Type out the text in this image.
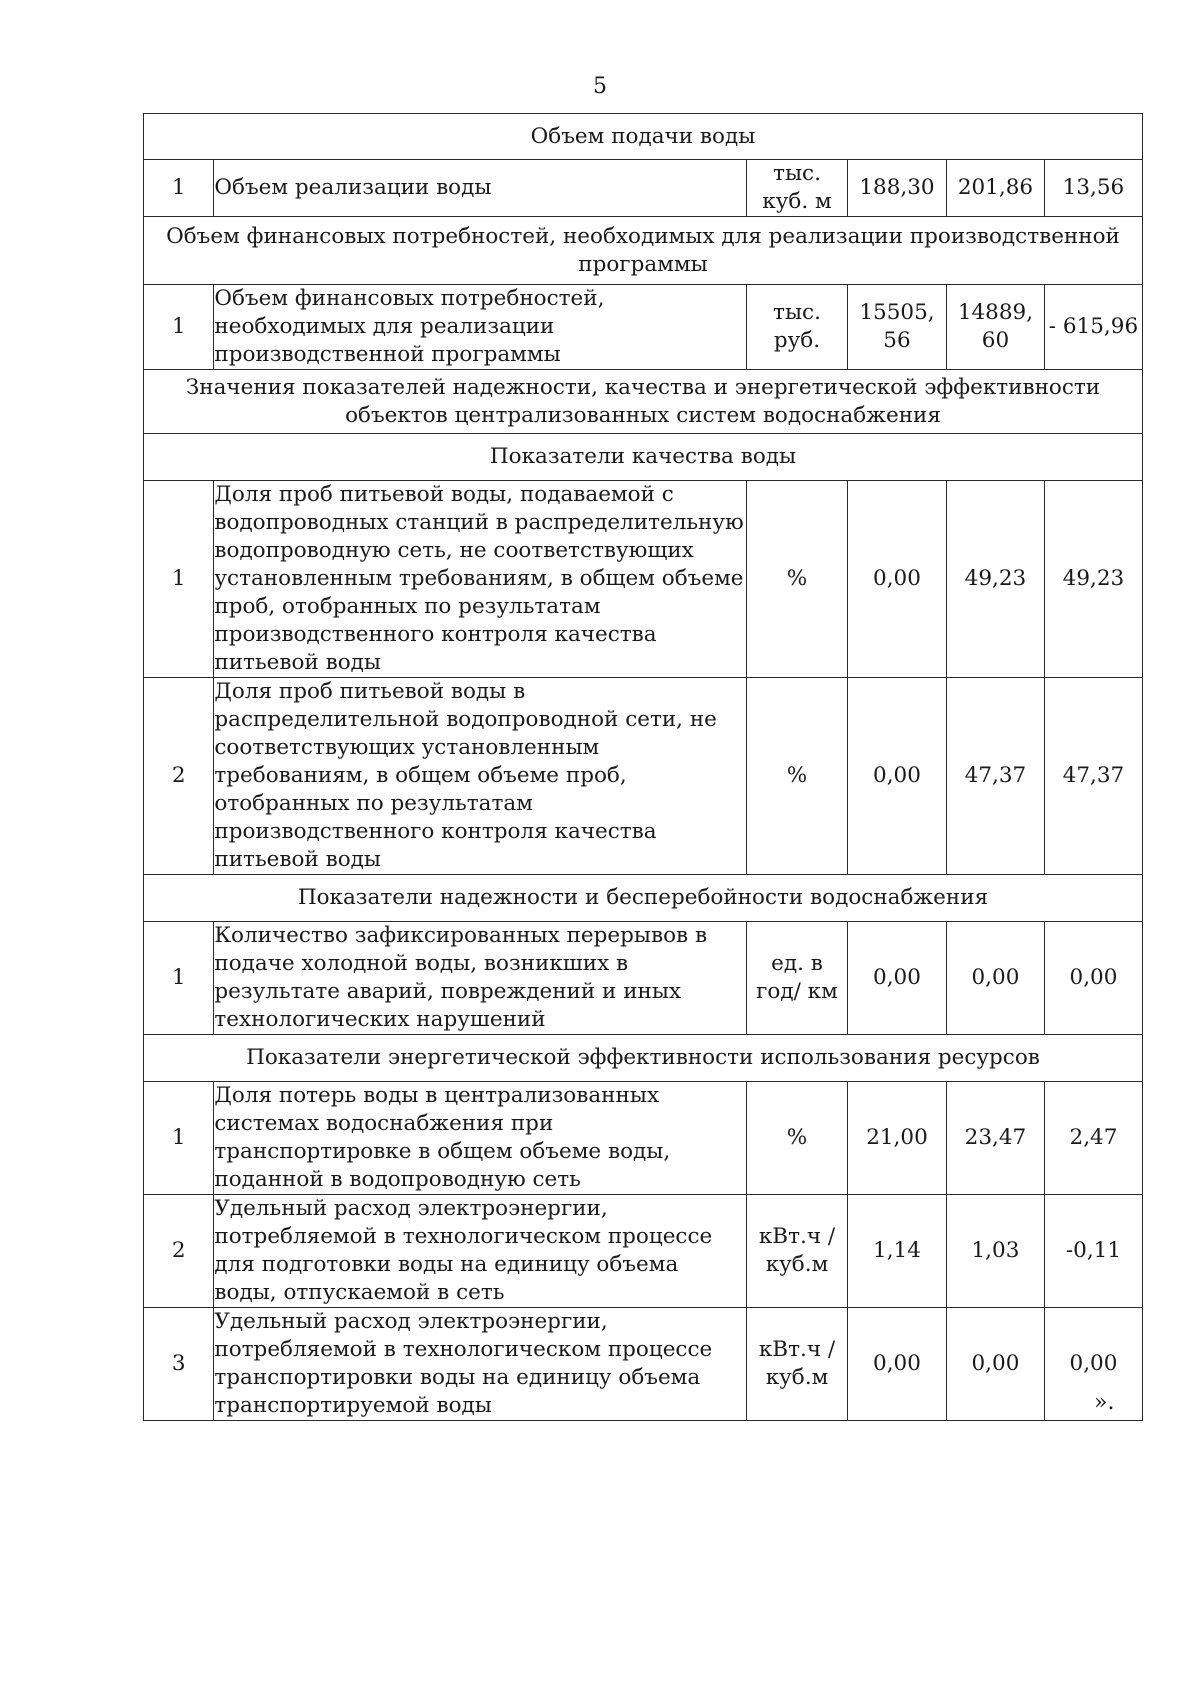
5
Объем подачи воды					
1	Объем реализации воды	тыс. куб. м	188,30	201,86	13,56
Объем финансовых потребностей, необходимых для реализации производственной программы					
1	Объем финансовых потребностей, необходимых для реализации производственной программы	тыс. руб.	15505, 56	14889, 60	- 615,96
Значения показателей надежности, качества и энергетической эффективности объектов централизованных систем водоснабжения					
Показатели качества воды					
1	Доля проб питьевой воды, подаваемой с водопроводных станций в распределительную водопроводную сеть, не соответствующих установленным требованиям, в общем объеме проб, отобранных по результатам производственного контроля качества питьевой воды	%	0,00	49,23	49,23
2	Доля проб питьевой воды в распределительной водопроводной сети, не соответствующих установленным требованиям, в общем объеме проб, отобранных по результатам производственного контроля качества питьевой воды	%	0,00	47,37	47,37
Показатели надежности и бесперебойности водоснабжения					
1	Количество зафиксированных перерывов в подаче холодной воды, возникших в результате аварий, повреждений и иных технологических нарушений	ед. в год/ км	0,00	0,00	0,00
Показатели энергетической эффективности использования ресурсов					
1	Доля потерь воды в централизованных системах водоснабжения при транспортировке в общем объеме воды, поданной в водопроводную сеть	%	21,00	23,47	2,47
2	Удельный расход электроэнергии, потребляемой в технологическом процессе для подготовки воды на единицу объема воды, отпускаемой в сеть	кВт.ч / куб.м	1,14	1,03	-0,11
3	Удельный расход электроэнергии, потребляемой в технологическом процессе транспортировки воды на единицу объема транспортируемой воды	кВт.ч / куб.м	0,00	0,00	0,00
».
